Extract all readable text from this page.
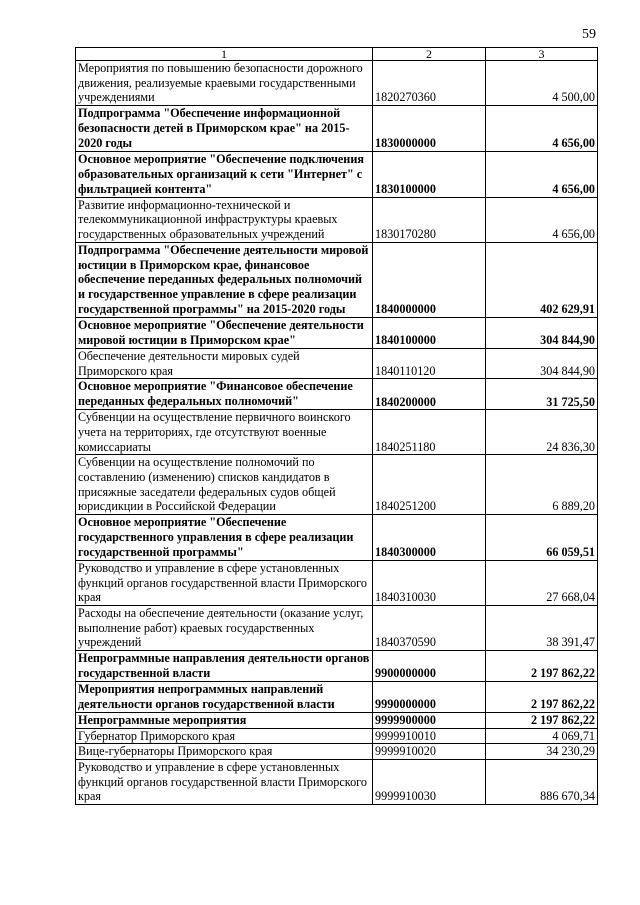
59
1	2	3
Мероприятия по повышению безопасности дорожного движения, реализуемые краевыми государственными учреждениями	1820270360	4 500,00
Подпрограмма "Обеспечение информационной безопасности детей в Приморском крае" на 2015-2020 годы	1830000000	4 656,00
Основное мероприятие "Обеспечение подключения образовательных организаций к сети "Интернет" с фильтрацией контента"	1830100000	4 656,00
Развитие информационно-технической и телекоммуникационной инфраструктуры краевых государственных образовательных учреждений	1830170280	4 656,00
Подпрограмма "Обеспечение деятельности мировой юстиции в Приморском крае, финансовое обеспечение переданных федеральных полномочий и государственное управление в сфере реализации государственной программы" на 2015-2020 годы	1840000000	402 629,91
Основное мероприятие "Обеспечение деятельности мировой юстиции в Приморском крае"	1840100000	304 844,90
Обеспечение деятельности мировых судей Приморского края	1840110120	304 844,90
Основное мероприятие "Финансовое обеспечение переданных федеральных полномочий"	1840200000	31 725,50
Субвенции на осуществление первичного воинского учета на территориях, где отсутствуют военные комиссариаты	1840251180	24 836,30
Субвенции на осуществление полномочий по составлению (изменению) списков кандидатов в присяжные заседатели федеральных судов общей юрисдикции в Российской Федерации	1840251200	6 889,20
Основное мероприятие "Обеспечение государственного управления в сфере реализации государственной программы"	1840300000	66 059,51
Руководство и управление в сфере установленных функций органов государственной власти Приморского края	1840310030	27 668,04
Расходы на обеспечение деятельности (оказание услуг, выполнение работ) краевых государственных учреждений	1840370590	38 391,47
Непрограммные направления деятельности органов государственной власти	9900000000	2 197 862,22
Мероприятия непрограммных направлений деятельности органов государственной власти	9990000000	2 197 862,22
Непрограммные мероприятия	9999900000	2 197 862,22
Губернатор Приморского края	9999910010	4 069,71
Вице-губернаторы Приморского края	9999910020	34 230,29
Руководство и управление в сфере установленных функций органов государственной власти Приморского края	9999910030	886 670,34
